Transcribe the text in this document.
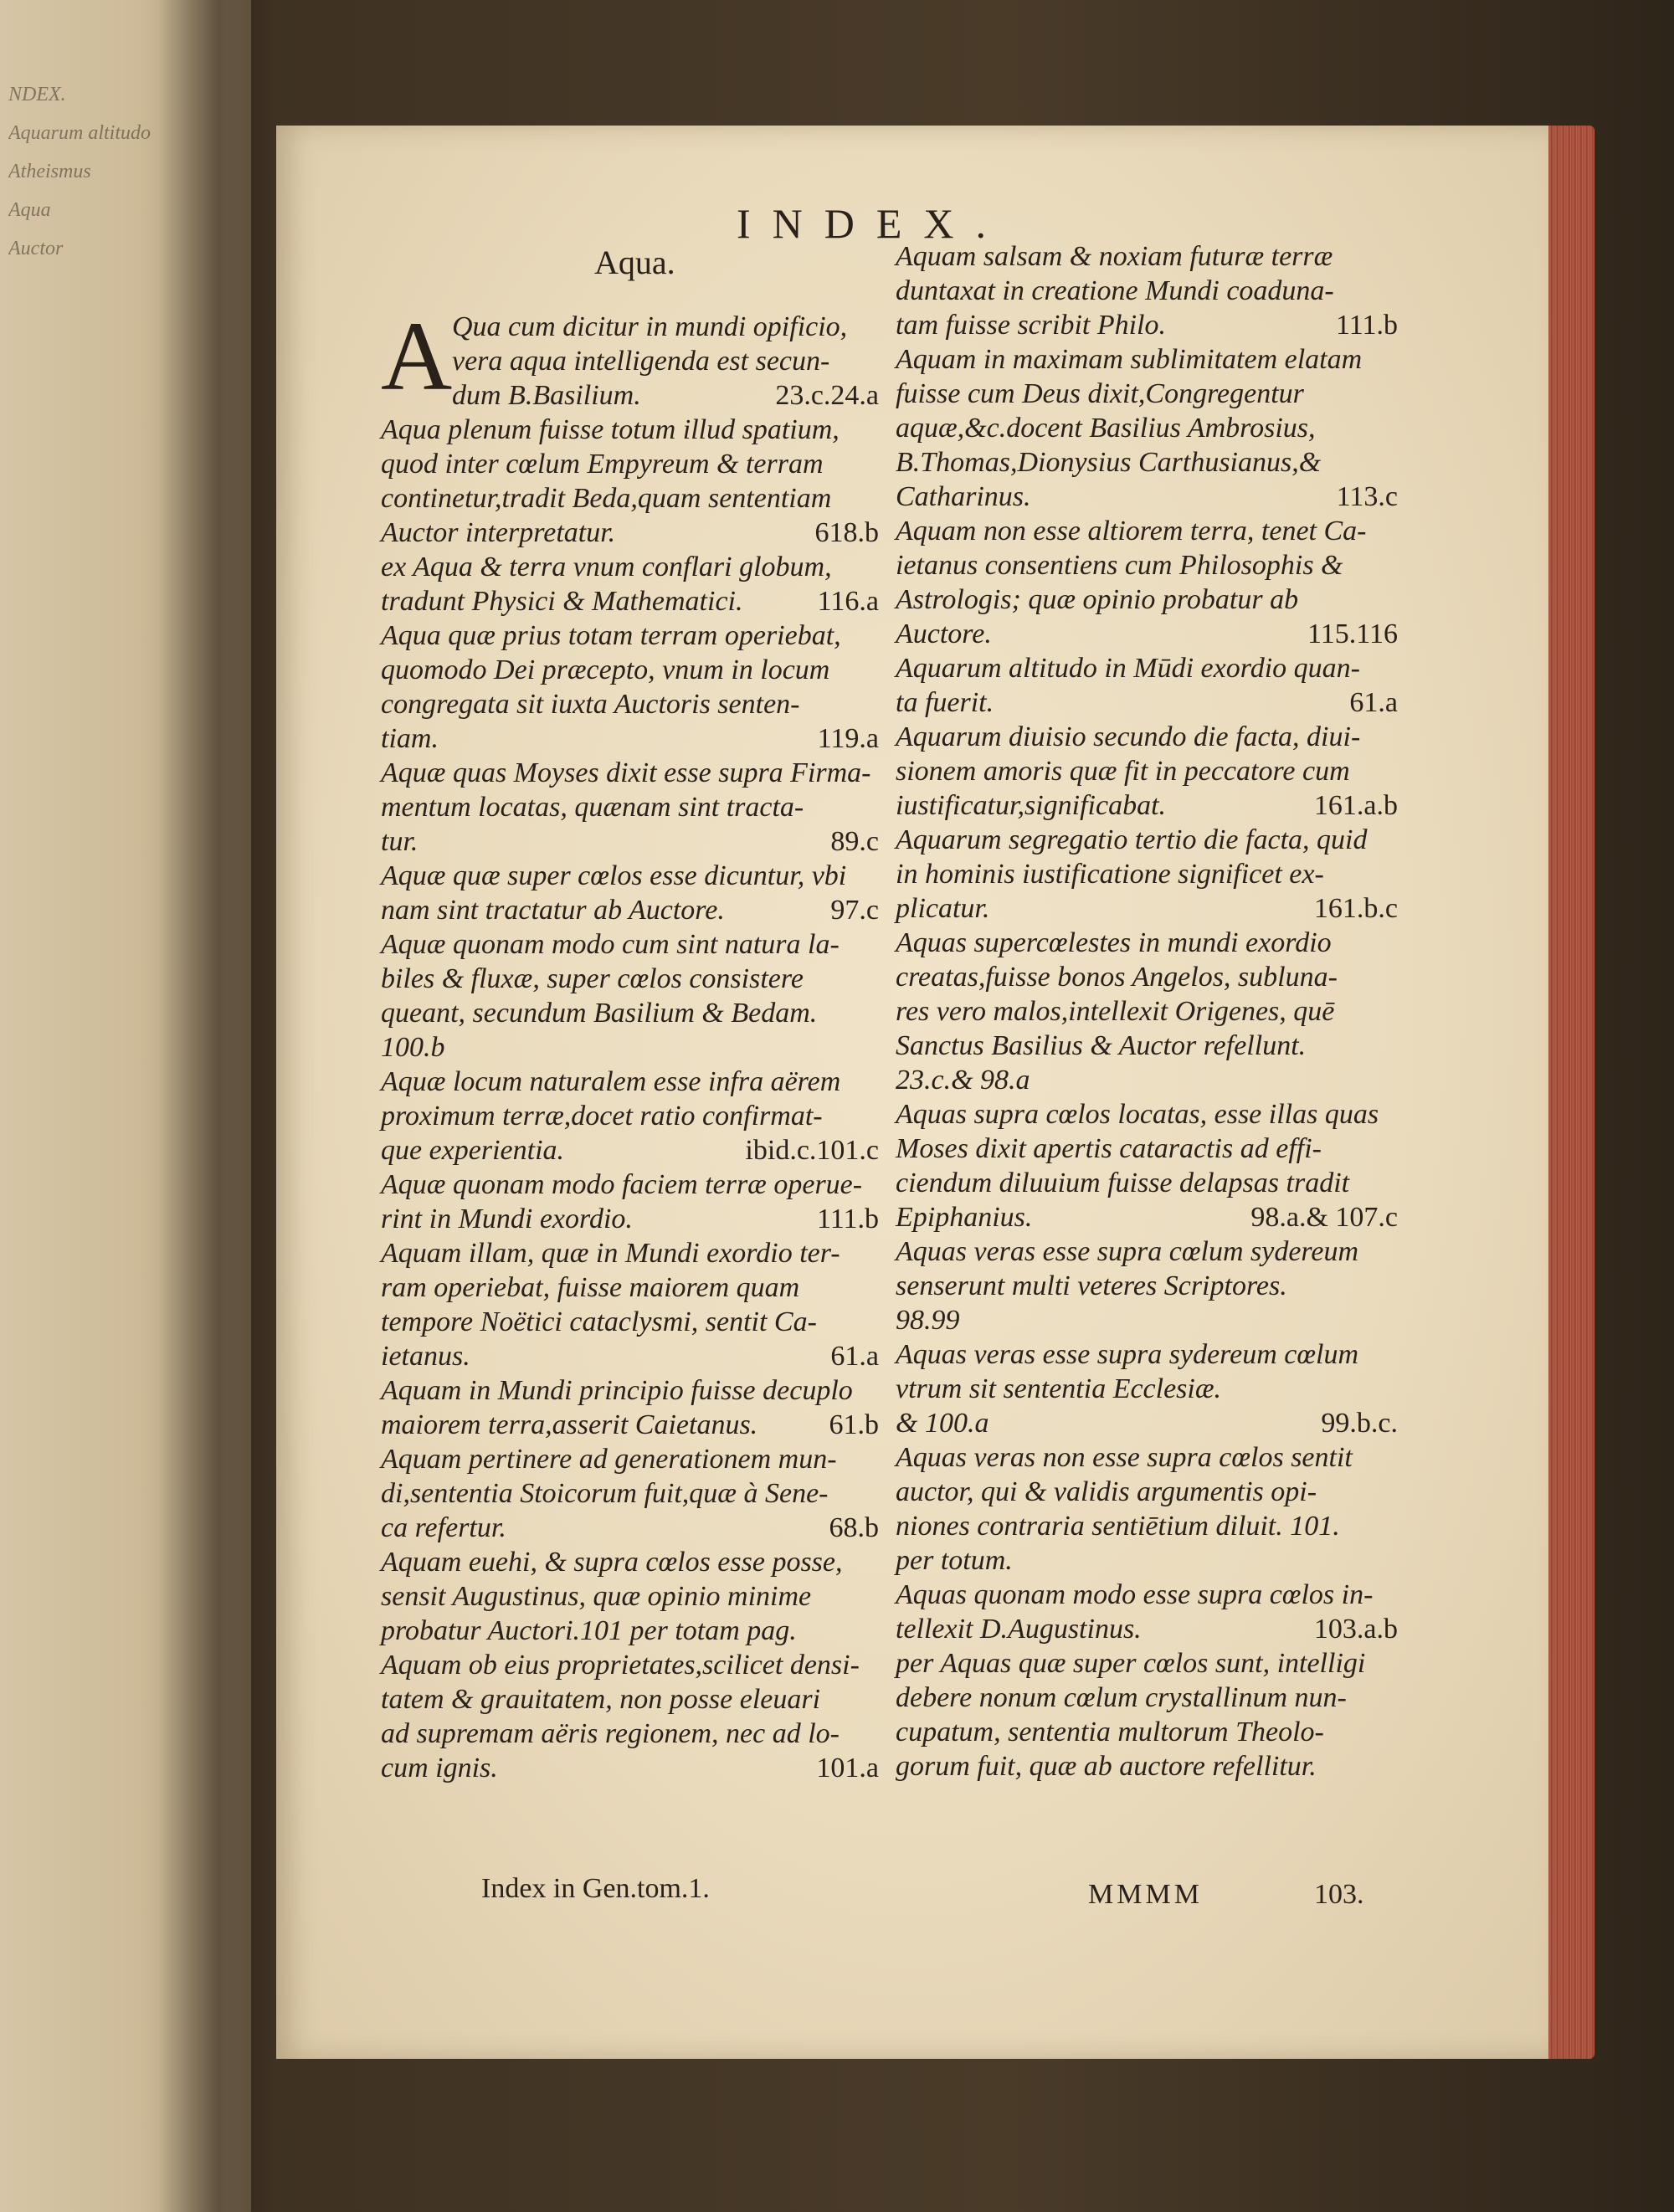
NDEX.
Aquarum altitudo
Atheismus
Aqua
Auctor
INDEX.
Aqua.
A Qua cum dicitur in mundi opificio,
vera aqua intelligenda est secun-
23.c.24.a
dum B.Basilium.
Aqua plenum fuisse totum illud spatium,
quod inter cœlum Empyreum & terram
continetur,tradit Beda,quam sententiam
618.b
Auctor interpretatur.
ex Aqua & terra vnum conflari globum,
116.a
tradunt Physici & Mathematici.
Aqua quæ prius totam terram operiebat,
quomodo Dei præcepto, vnum in locum
congregata sit iuxta Auctoris senten-
119.a
tiam.
Aquæ quas Moyses dixit esse supra Firma-
mentum locatas, quænam sint tracta-
89.c
tur.
Aquæ quæ super cœlos esse dicuntur, vbi
97.c
nam sint tractatur ab Auctore.
Aquæ quonam modo cum sint natura la-
biles & fluxæ, super cœlos consistere
queant, secundum Basilium & Bedam.
100.b
Aquæ locum naturalem esse infra aërem
proximum terræ,docet ratio confirmat-
ibid.c.101.c
que experientia.
Aquæ quonam modo faciem terræ operue-
111.b
rint in Mundi exordio.
Aquam illam, quæ in Mundi exordio ter-
ram operiebat, fuisse maiorem quam
tempore Noëtici cataclysmi, sentit Ca-
61.a
ietanus.
Aquam in Mundi principio fuisse decuplo
61.b
maiorem terra,asserit Caietanus.
Aquam pertinere ad generationem mun-
di,sententia Stoicorum fuit,quæ à Sene-
68.b
ca refertur.
Aquam euehi, & supra cœlos esse posse,
sensit Augustinus, quæ opinio minime
probatur Auctori.101 per totam pag.
Aquam ob eius proprietates,scilicet densi-
tatem & grauitatem, non posse eleuari
ad supremam aëris regionem, nec ad lo-
101.a
cum ignis.
Aquam salsam & noxiam futuræ terræ
duntaxat in creatione Mundi coaduna-
111.b
tam fuisse scribit Philo.
Aquam in maximam sublimitatem elatam
fuisse cum Deus dixit,Congregentur
aquæ,&c.docent Basilius Ambrosius,
B.Thomas,Dionysius Carthusianus,&
113.c
Catharinus.
Aquam non esse altiorem terra, tenet Ca-
ietanus consentiens cum Philosophis &
Astrologis; quæ opinio probatur ab
115.116
Auctore.
Aquarum altitudo in Mūdi exordio quan-
61.a
ta fuerit.
Aquarum diuisio secundo die facta, diui-
sionem amoris quæ fit in peccatore cum
161.a.b
iustificatur,significabat.
Aquarum segregatio tertio die facta, quid
in hominis iustificatione significet ex-
161.b.c
plicatur.
Aquas supercœlestes in mundi exordio
creatas,fuisse bonos Angelos, subluna-
res vero malos,intellexit Origenes, quē
Sanctus Basilius & Auctor refellunt.
23.c.& 98.a
Aquas supra cœlos locatas, esse illas quas
Moses dixit apertis cataractis ad effi-
ciendum diluuium fuisse delapsas tradit
98.a.& 107.c
Epiphanius.
Aquas veras esse supra cœlum sydereum
senserunt multi veteres Scriptores.
98.99
Aquas veras esse supra sydereum cœlum
vtrum sit sententia Ecclesiæ.
99.b.c.
& 100.a
Aquas veras non esse supra cœlos sentit
auctor, qui & validis argumentis opi-
niones contraria sentiētium diluit. 101.
per totum.
Aquas quonam modo esse supra cœlos in-
103.a.b
tellexit D.Augustinus.
per Aquas quæ super cœlos sunt, intelligi
debere nonum cœlum crystallinum nun-
cupatum, sententia multorum Theolo-
gorum fuit, quæ ab auctore refellitur.
Index in Gen.tom.1.	MMMM	103.
